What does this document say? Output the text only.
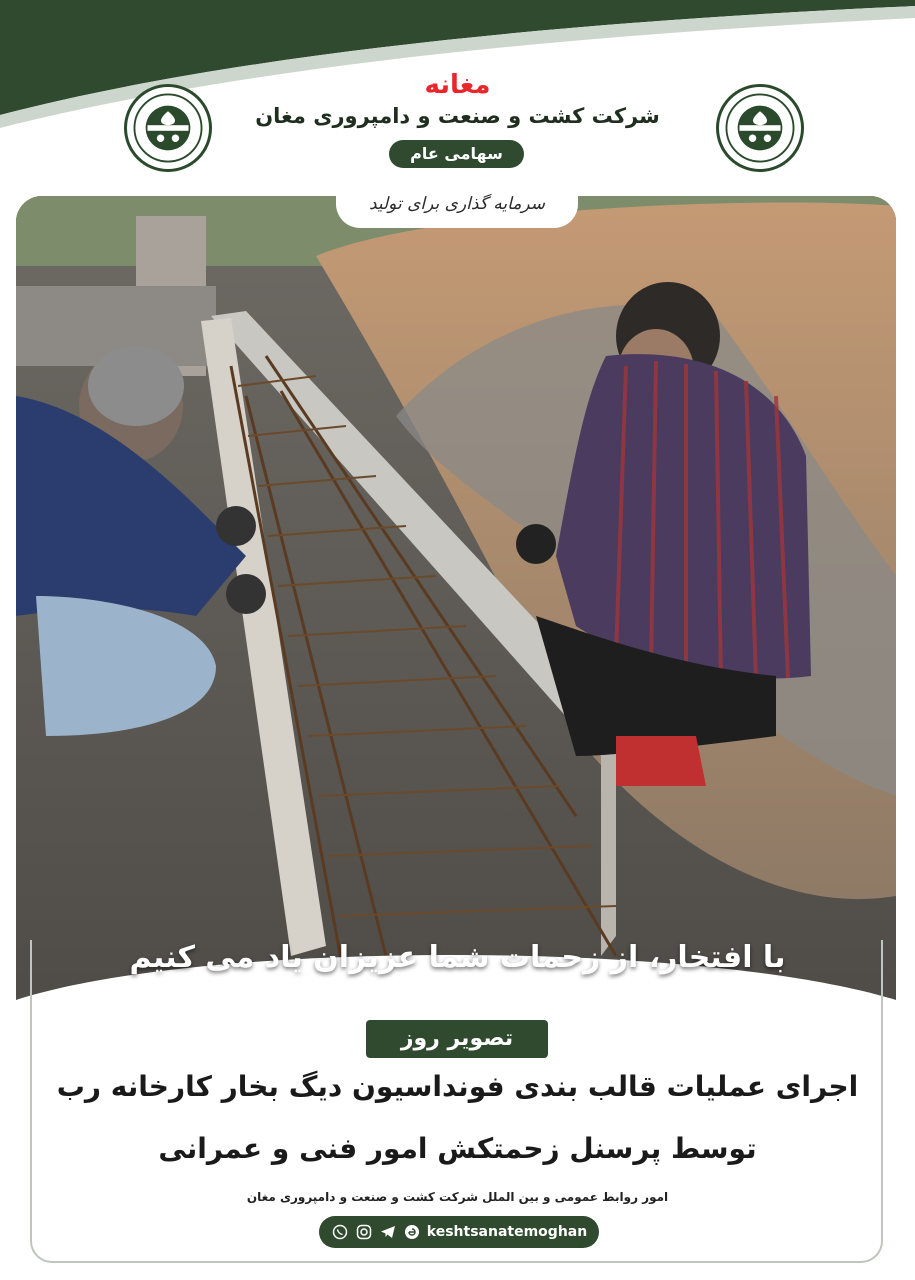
مغانه
شرکت کشت و صنعت و دامپروری مغان
سهامی عام
سرمایه گذاری برای تولید
با افتخار، از زحمات شما عزیزان یاد می کنیم
تصویر روز
اجرای عملیات قالب بندی فونداسیون دیگ بخار کارخانه رب
توسط پرسنل زحمتکش امور فنی و عمرانی
امور روابط عمومی و بین الملل شرکت کشت و صنعت و دامپروری مغان
keshtsanatemoghan
